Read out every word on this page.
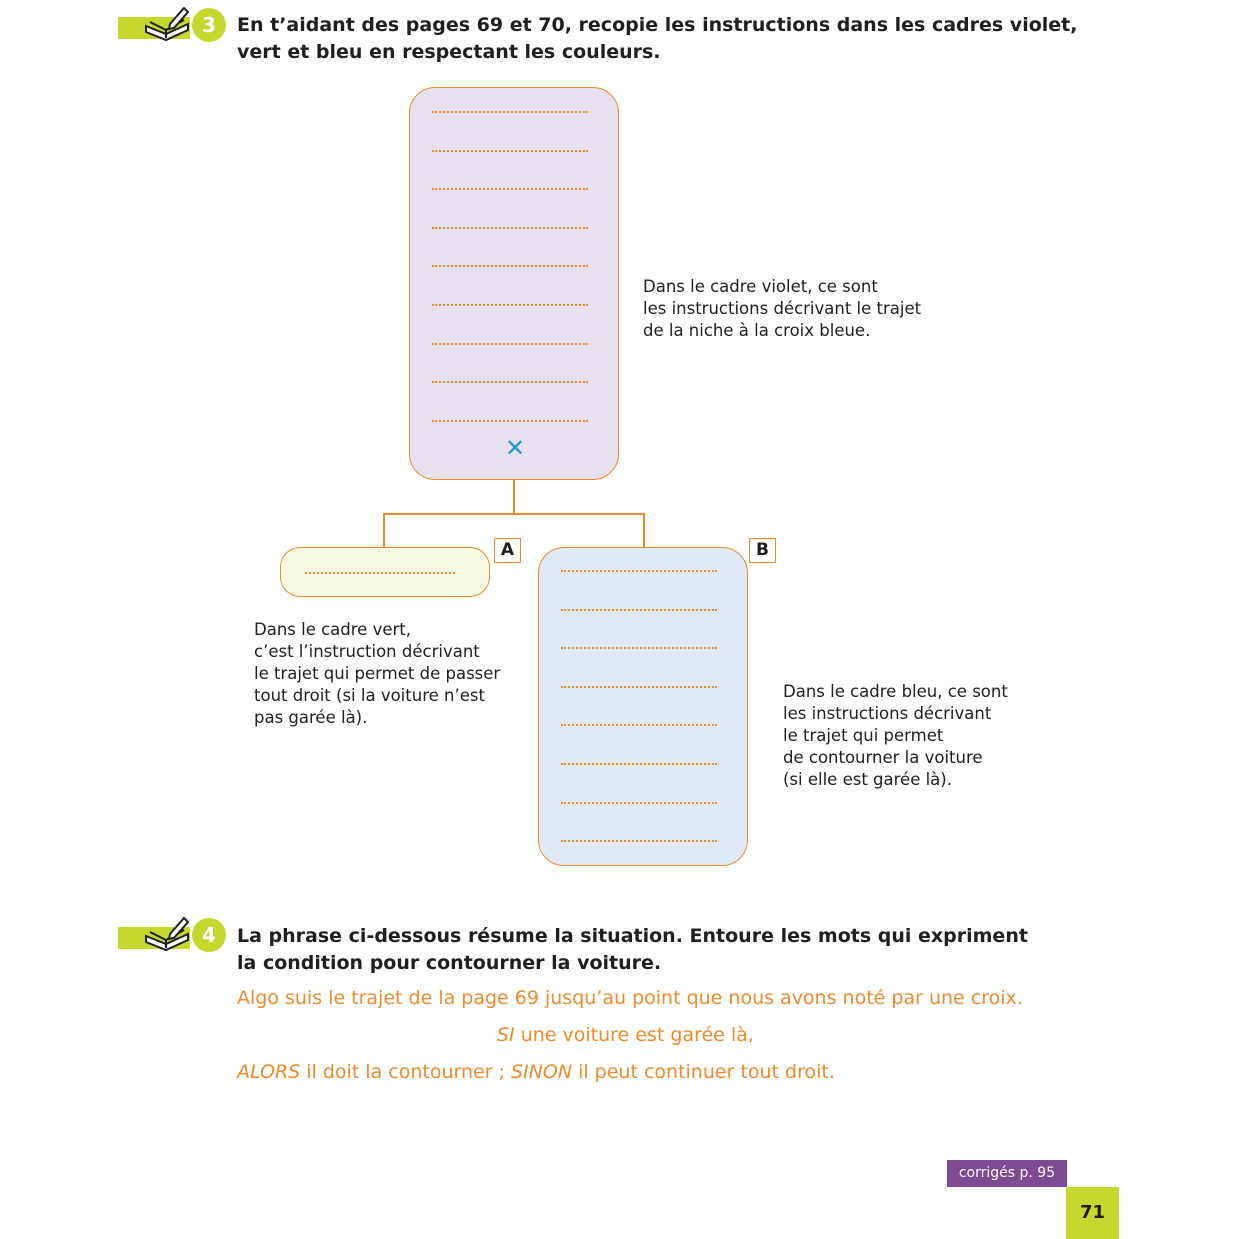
3	En t’aidant des pages 69 et 70, recopie les instructions dans les cadres violet,
vert et bleu en respectant les couleurs.
✕
A	B
Dans le cadre violet, ce sont
les instructions décrivant le trajet
de la niche à la croix bleue.
Dans le cadre vert,
c’est l’instruction décrivant
le trajet qui permet de passer
tout droit (si la voiture n’est
pas garée là).
Dans le cadre bleu, ce sont
les instructions décrivant
le trajet qui permet
de contourner la voiture
(si elle est garée là).
4	La phrase ci-dessous résume la situation. Entoure les mots qui expriment
la condition pour contourner la voiture.
Algo suis le trajet de la page 69 jusqu’au point que nous avons noté par une croix.
SI une voiture est garée là,
ALORS il doit la contourner ; SINON il peut continuer tout droit.
corrigés p. 95
71
